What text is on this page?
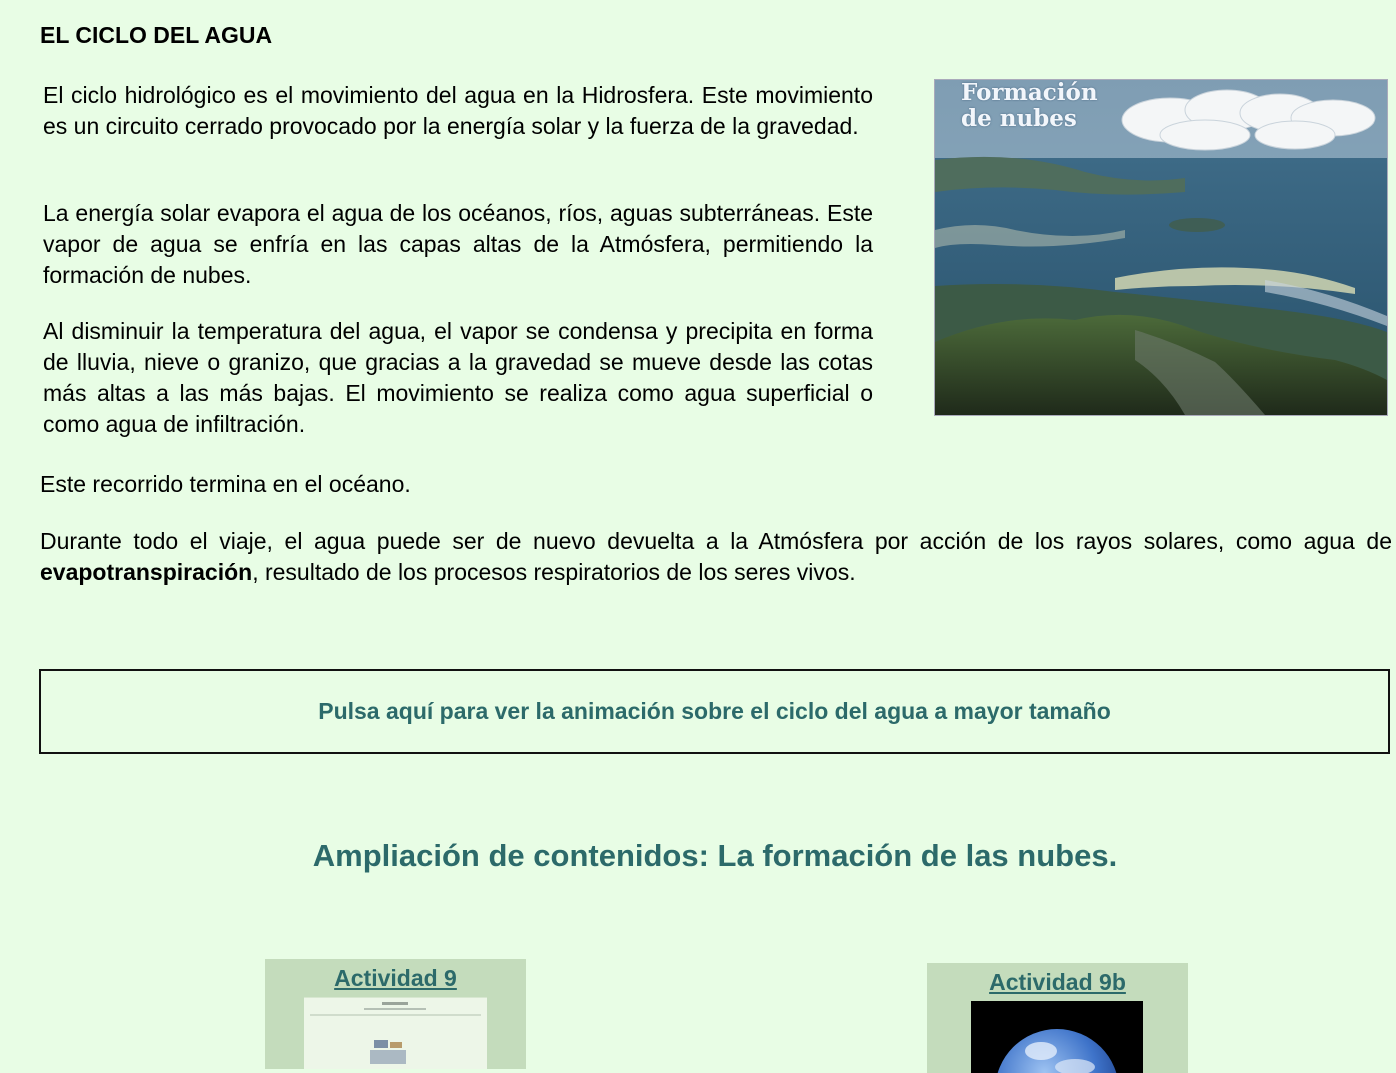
EL CICLO DEL AGUA

El ciclo hidrológico es el movimiento del agua en la Hidrosfera. Este movimiento es un circuito cerrado provocado por la energía solar y la fuerza de la gravedad.

La energía solar evapora el agua de los océanos, ríos, aguas subterráneas. Este vapor de agua se enfría en las capas altas de la Atmósfera, permitiendo la formación de nubes.

Al disminuir la temperatura del agua, el vapor se condensa y precipita en forma de lluvia, nieve o granizo, que gracias a la gravedad se mueve desde las cotas más altas a las más bajas. El movimiento se realiza como agua superficial o como agua de infiltración.

Formación de nubes

Este recorrido termina en el océano.

Durante todo el viaje, el agua puede ser de nuevo devuelta a la Atmósfera por acción de los rayos solares, como agua de evapotranspiración, resultado de los procesos respiratorios de los seres vivos.

Pulsa aquí para ver la animación sobre el ciclo del agua a mayor tamaño
Ampliación de contenidos: La formación de las nubes.
Actividad 9	Actividad 9b
